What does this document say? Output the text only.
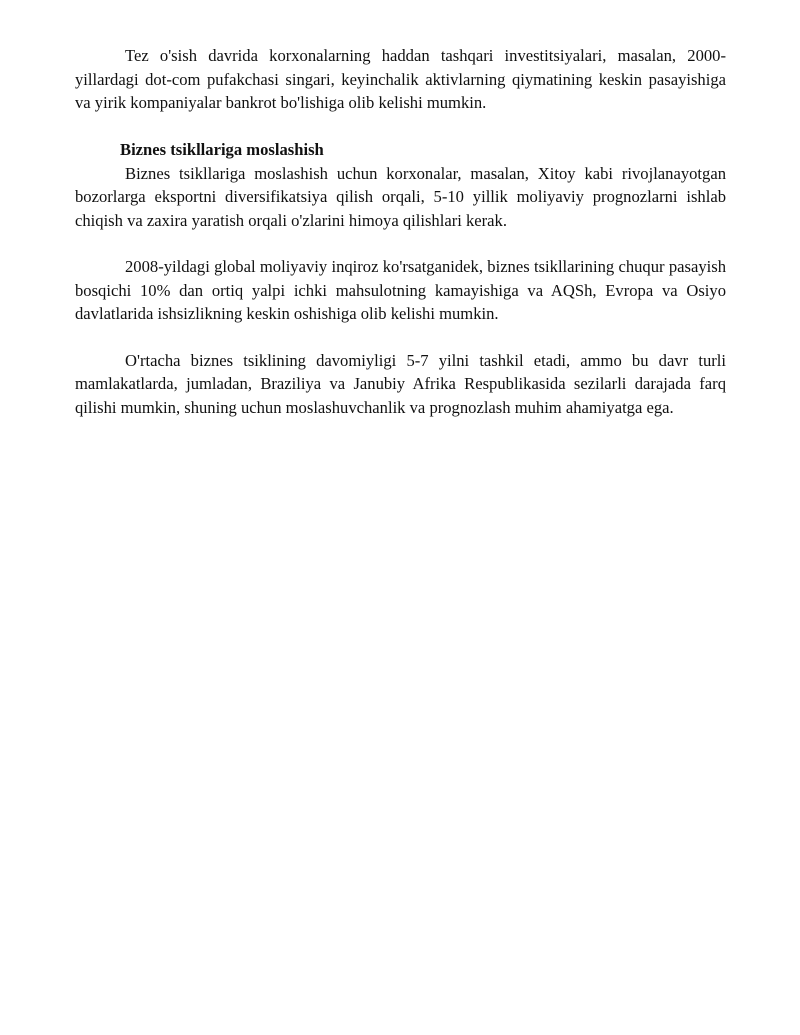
Tez o'sish davrida korxonalarning haddan tashqari investitsiyalari, masalan, 2000-yillardagi dot-com pufakchasi singari, keyinchalik aktivlarning qiymatining keskin pasayishiga va yirik kompaniyalar bankrot bo'lishiga olib kelishi mumkin.

Biznes tsikllariga moslashish

Biznes tsikllariga moslashish uchun korxonalar, masalan, Xitoy kabi rivojlanayotgan bozorlarga eksportni diversifikatsiya qilish orqali, 5-10 yillik moliyaviy prognozlarni ishlab chiqish va zaxira yaratish orqali o'zlarini himoya qilishlari kerak.

2008-yildagi global moliyaviy inqiroz ko'rsatganidek, biznes tsikllarining chuqur pasayish bosqichi 10% dan ortiq yalpi ichki mahsulotning kamayishiga va AQSh, Evropa va Osiyo davlatlarida ishsizlikning keskin oshishiga olib kelishi mumkin.

O'rtacha biznes tsiklining davomiyligi 5-7 yilni tashkil etadi, ammo bu davr turli mamlakatlarda, jumladan, Braziliya va Janubiy Afrika Respublikasida sezilarli darajada farq qilishi mumkin, shuning uchun moslashuvchanlik va prognozlash muhim ahamiyatga ega.
